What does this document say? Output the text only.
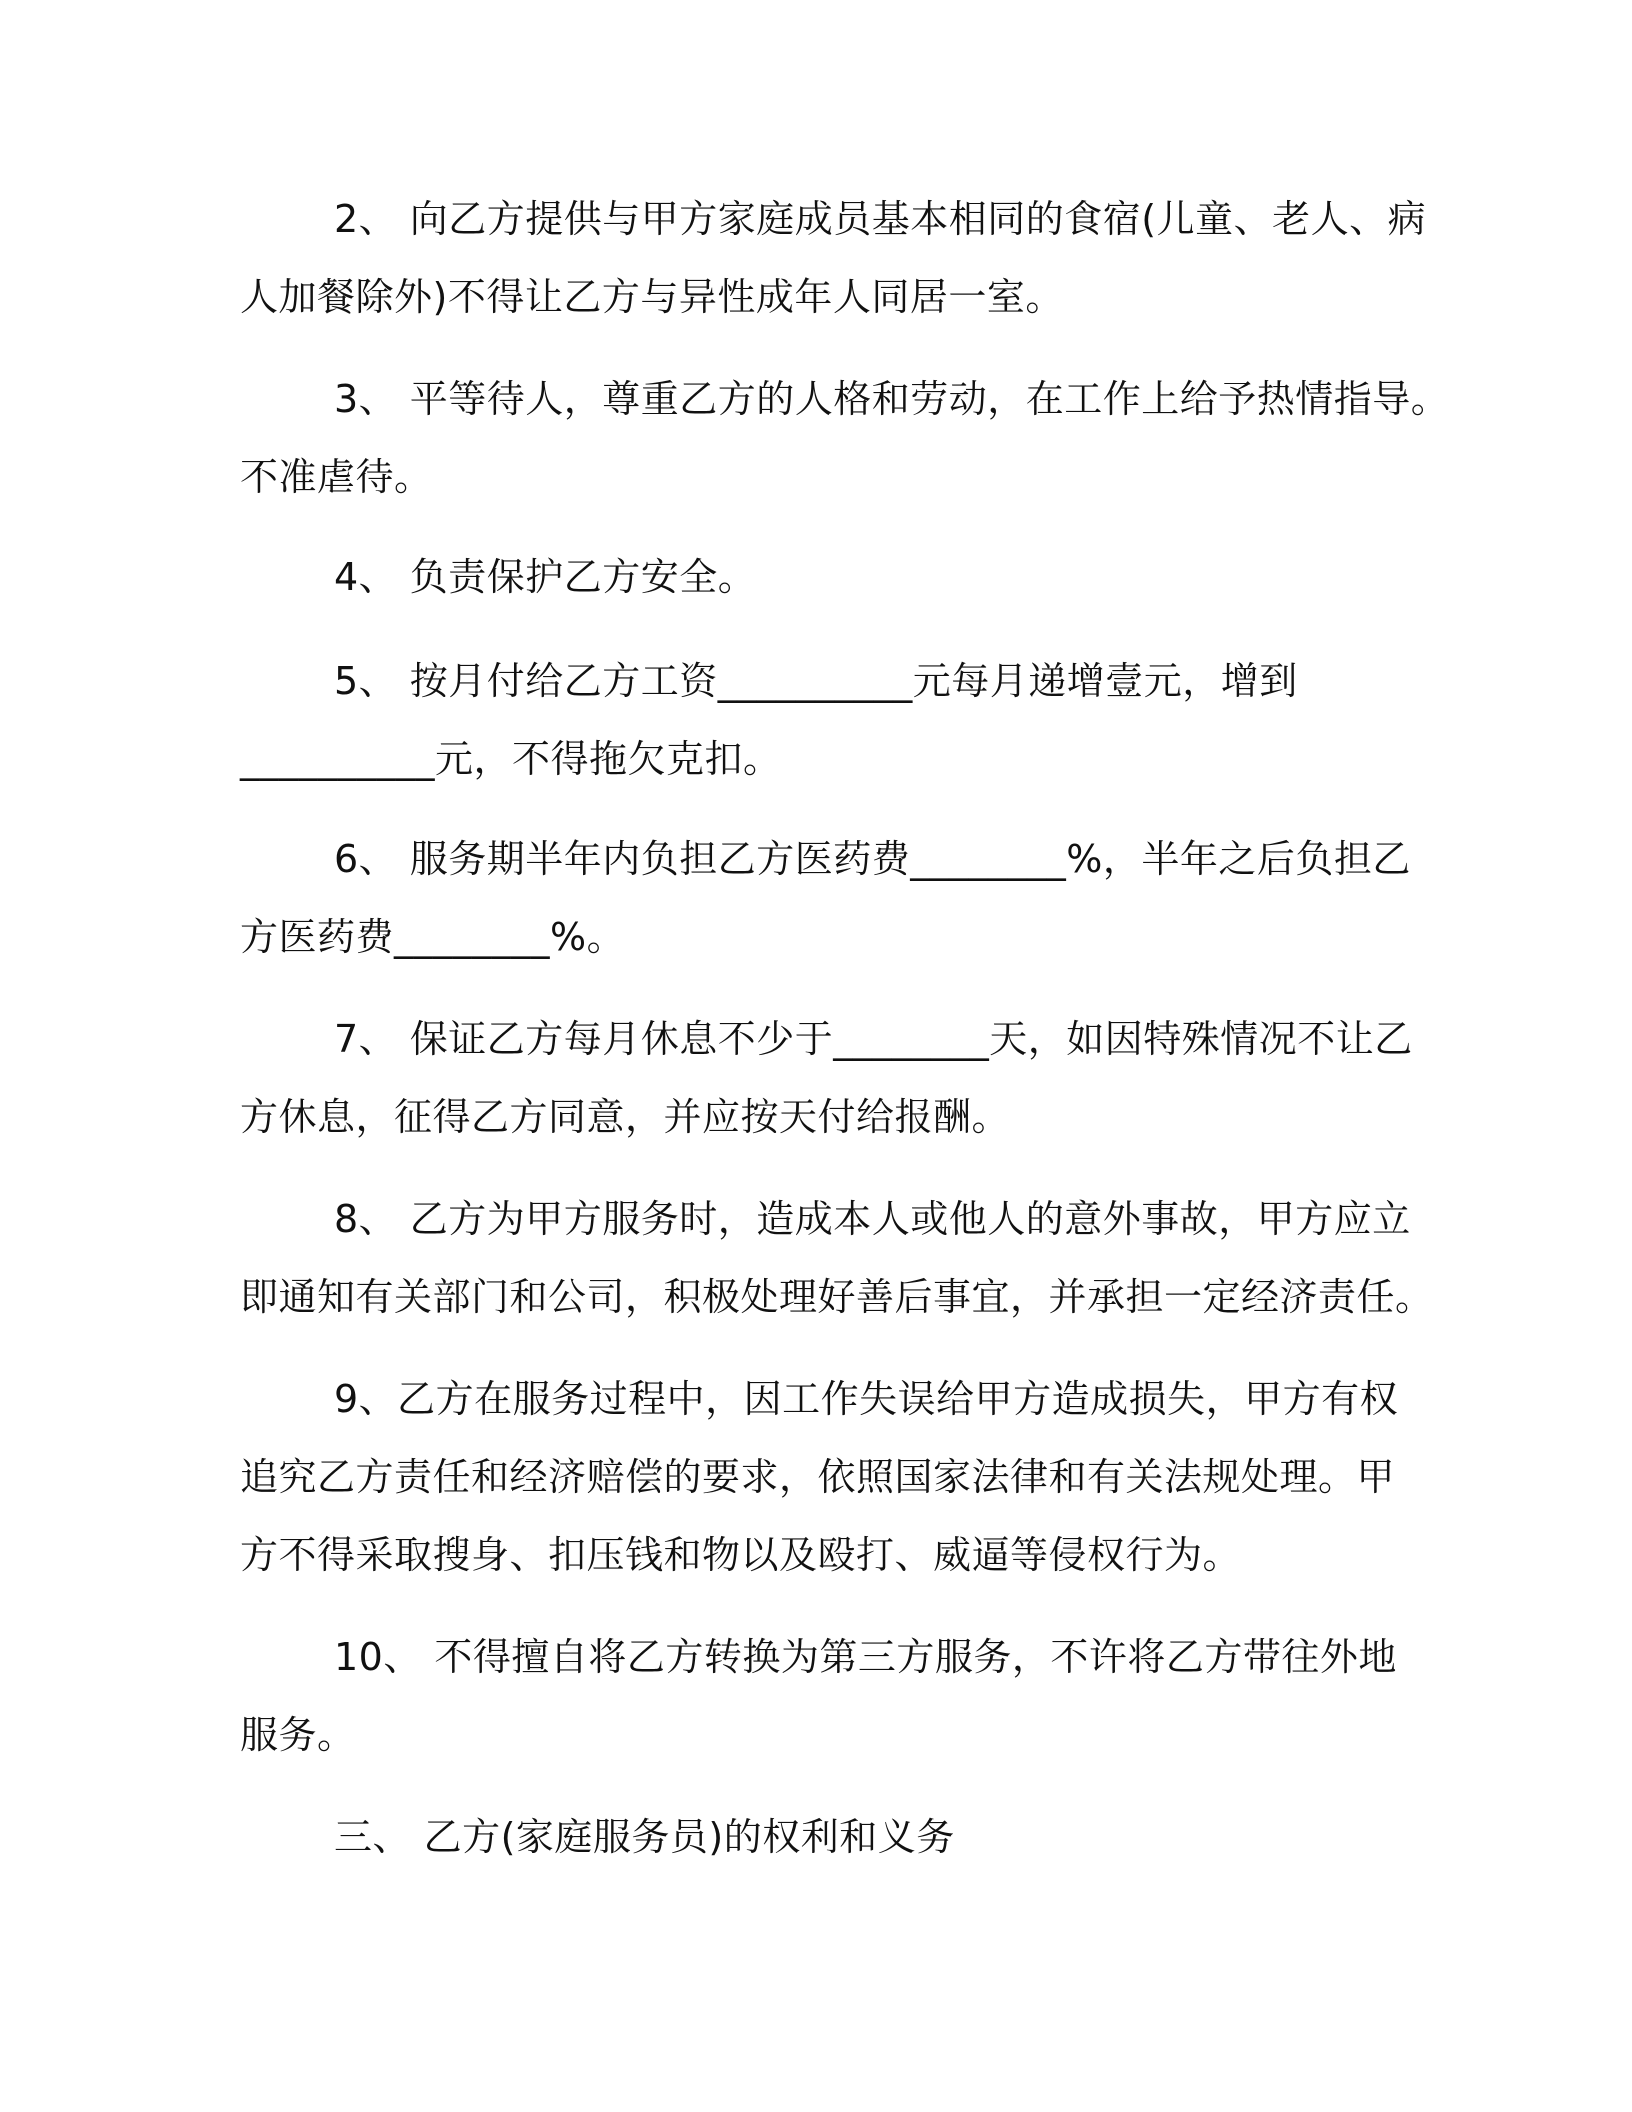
2、 向乙方提供与甲方家庭成员基本相同的食宿(儿童、老人、病
人加餐除外)不得让乙方与异性成年人同居一室。
3、 平等待人，尊重乙方的人格和劳动，在工作上给予热情指导。
不准虐待。
4、 负责保护乙方安全。
5、 按月付给乙方工资__________元每月递增壹元，增到
__________元，不得拖欠克扣。
6、 服务期半年内负担乙方医药费________%，半年之后负担乙
方医药费________%。
7、 保证乙方每月休息不少于________天，如因特殊情况不让乙
方休息，征得乙方同意，并应按天付给报酬。
8、 乙方为甲方服务时，造成本人或他人的意外事故，甲方应立
即通知有关部门和公司，积极处理好善后事宜，并承担一定经济责任。
9、乙方在服务过程中，因工作失误给甲方造成损失，甲方有权
追究乙方责任和经济赔偿的要求，依照国家法律和有关法规处理。甲
方不得采取搜身、扣压钱和物以及殴打、威逼等侵权行为。
10、 不得擅自将乙方转换为第三方服务，不许将乙方带往外地
服务。
三、 乙方(家庭服务员)的权利和义务
